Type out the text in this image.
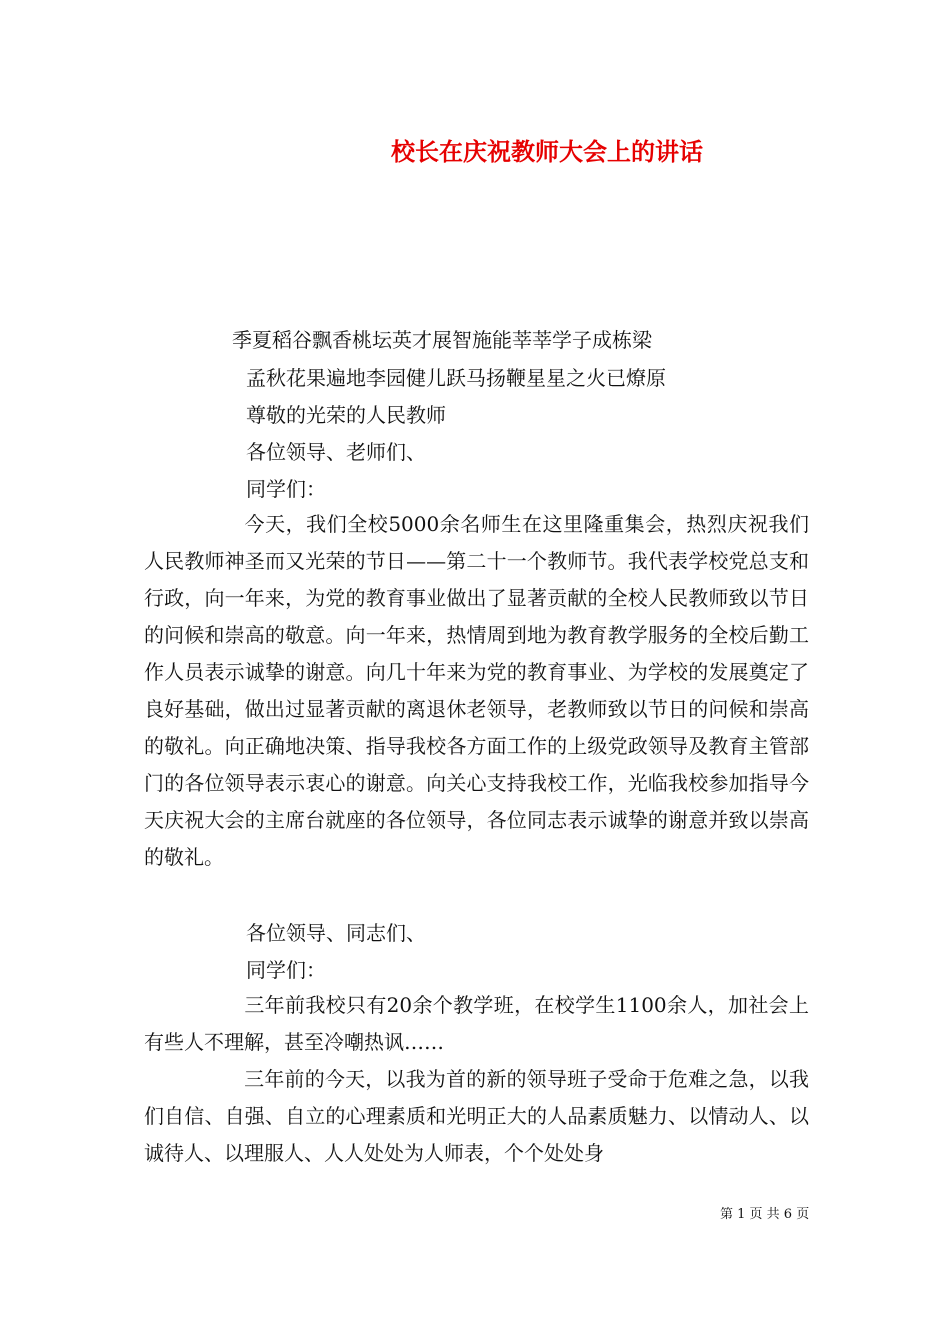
校长在庆祝教师大会上的讲话
季夏稻谷飘香桃坛英才展智施能莘莘学子成栋梁
孟秋花果遍地李园健儿跃马扬鞭星星之火已燎原
尊敬的光荣的人民教师
各位领导、老师们、
同学们：
今天，我们全校5000余名师生在这里隆重集会，热烈庆祝我们人民教师神圣而又光荣的节日——第二十一个教师节。我代表学校党总支和行政，向一年来，为党的教育事业做出了显著贡献的全校人民教师致以节日的问候和崇高的敬意。向一年来，热情周到地为教育教学服务的全校后勤工作人员表示诚挚的谢意。向几十年来为党的教育事业、为学校的发展奠定了良好基础，做出过显著贡献的离退休老领导，老教师致以节日的问候和崇高的敬礼。向正确地决策、指导我校各方面工作的上级党政领导及教育主管部门的各位领导表示衷心的谢意。向关心支持我校工作，光临我校参加指导今天庆祝大会的主席台就座的各位领导，各位同志表示诚挚的谢意并致以崇高的敬礼。
各位领导、同志们、
同学们：
三年前我校只有20余个教学班，在校学生1100余人，加社会上有些人不理解，甚至冷嘲热讽……
三年前的今天，以我为首的新的领导班子受命于危难之急，以我们自信、自强、自立的心理素质和光明正大的人品素质魅力、以情动人、以诚待人、以理服人、人人处处为人师表，个个处处身
第 1 页 共 6 页
